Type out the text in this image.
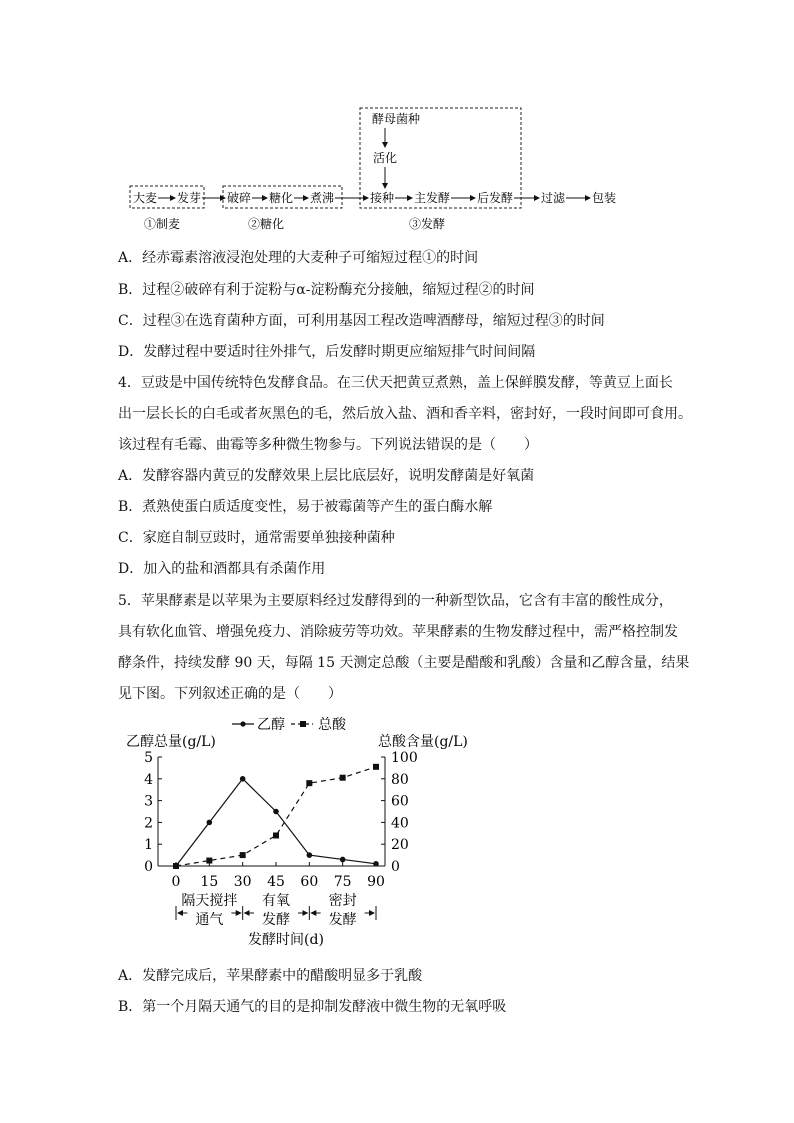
酵母菌种
活化
大麦 发芽 破碎 糖化 煮沸	接种 主发酵 后发酵 过滤 包装
①制麦	②糖化	③发酵
A．经赤霉素溶液浸泡处理的大麦种子可缩短过程①的时间
B．过程②破碎有利于淀粉与α-淀粉酶充分接触，缩短过程②的时间
C．过程③在选育菌种方面，可利用基因工程改造啤酒酵母，缩短过程③的时间
D．发酵过程中要适时往外排气，后发酵时期更应缩短排气时间间隔
4．豆豉是中国传统特色发酵食品。在三伏天把黄豆煮熟，盖上保鲜膜发酵，等黄豆上面长
出一层长长的白毛或者灰黑色的毛，然后放入盐、酒和香辛料，密封好，一段时间即可食用。
该过程有毛霉、曲霉等多种微生物参与。下列说法错误的是（　　）
A．发酵容器内黄豆的发酵效果上层比底层好，说明发酵菌是好氧菌
B．煮熟使蛋白质适度变性，易于被霉菌等产生的蛋白酶水解
C．家庭自制豆豉时，通常需要单独接种菌种
D．加入的盐和酒都具有杀菌作用
5．苹果酵素是以苹果为主要原料经过发酵得到的一种新型饮品，它含有丰富的酸性成分，
具有软化血管、增强免疫力、消除疲劳等功效。苹果酵素的生物发酵过程中，需严格控制发
酵条件，持续发酵 90 天，每隔 15 天测定总酸（主要是醋酸和乳酸）含量和乙醇含量，结果
见下图。下列叙述正确的是（　　）
乙醇总量(g/L)	总酸含量(g/L)
乙醇 总酸
0
1
2
3
4
5
0
20
40
60
80
100
0 15 30 45 60 75 90
隔天搅拌
通气
有氧
发酵
密封
发酵
发酵时间(d)
A．发酵完成后，苹果酵素中的醋酸明显多于乳酸
B．第一个月隔天通气的目的是抑制发酵液中微生物的无氧呼吸
